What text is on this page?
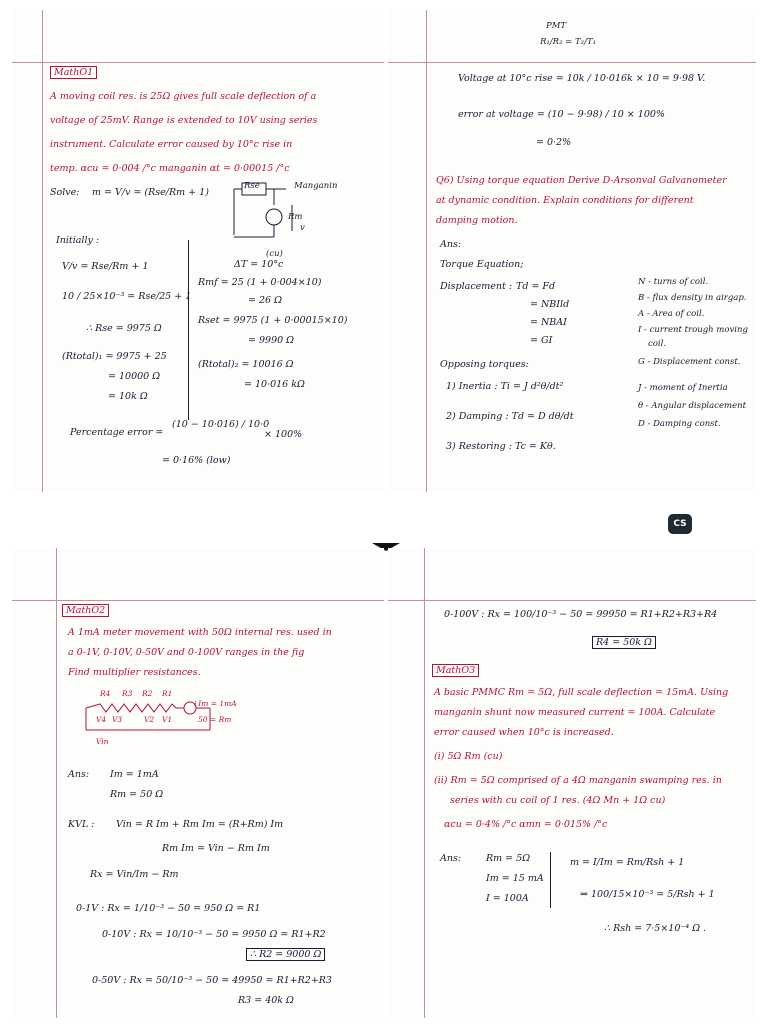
MathO1
A moving coil res. is 25Ω gives full scale deflection of a
voltage of 25mV. Range is extended to 10V using series
instrument. Calculate error caused by 10°c rise in
temp. αcu = 0·004 /°c manganin αt = 0·00015 /°c
Solve: m = V/v = (Rse/Rm + 1)
Rse	Manganin
Rm
v
(cu)
Initially :
V/v = Rse/Rm + 1
10 / 25×10⁻³ = Rse/25 + 1
∴ Rse = 9975 Ω
(Rtotal)₁ = 9975 + 25
= 10000 Ω
= 10k Ω
ΔT = 10°c
Rmf = 25 (1 + 0·004×10)
= 26 Ω
Rset = 9975 (1 + 0·00015×10)
= 9990 Ω
(Rtotal)₂ = 10016 Ω
= 10·016 kΩ
Percentage error =
(10 − 10·016) / 10·0
× 100%
= 0·16% (low)
PMT
R₁/R₂ = T₂/T₁
Voltage at 10°c rise = 10k / 10·016k × 10 = 9·98 V.
error at voltage = (10 − 9·98) / 10 × 100%
= 0·2%
Q6) Using torque equation Derive D-Arsonval Galvanometer
at dynamic condition. Explain conditions for different
damping motion.
Ans:
Torque Equation;
Displacement : Td = Fd
= NBIld
= NBAI
= GI
N - turns of coil.
B - flux density in airgap.
A - Area of coil.
I - current trough moving
coil.
G - Displacement const.
J - moment of Inertia
θ - Angular displacement
D - Damping const.
Opposing torques:
1) Inertia : Ti = J d²θ/dt²
2) Damping : Td = D dθ/dt
3) Restoring : Tc = Kθ.
CS
MathO2
A 1mA meter movement with 50Ω internal res. used in
a 0-1V, 0-10V, 0-50V and 0-100V ranges in the fig
Find multiplier resistances.
R4 R3 R2 R1
V4 V3	V2 V1
↓Im = 1mA
50 = Rm
Vin
Ans: Im = 1mA
Rm = 50 Ω
KVL : Vin = R Im + Rm Im = (R+Rm) Im
Rm Im = Vin − Rm Im
Rx = Vin/Im − Rm
0-1V : Rx = 1/10⁻³ − 50 = 950 Ω = R1
0-10V : Rx = 10/10⁻³ − 50 = 9950 Ω = R1+R2
∴ R2 = 9000 Ω
0-50V : Rx = 50/10⁻³ − 50 = 49950 = R1+R2+R3
R3 = 40k Ω
0-100V : Rx = 100/10⁻³ − 50 = 99950 = R1+R2+R3+R4
R4 = 50k Ω
MathO3
A basic PMMC Rm = 5Ω, full scale deflection = 15mA. Using
manganin shunt now measured current = 100A. Calculate
error caused when 10°c is increased.
(i) 5Ω Rm (cu)
(ii) Rm = 5Ω comprised of a 4Ω manganin swamping res. in
series with cu coil of 1 res. (4Ω Mn + 1Ω cu)
αcu = 0·4% /°c αmn = 0·015% /°c
Ans:	Rm = 5Ω
Im = 15 mA
I = 100A
m = I/Im = Rm/Rsh + 1
⇒ 100/15×10⁻³ = 5/Rsh + 1
∴ Rsh = 7·5×10⁻⁴ Ω .
